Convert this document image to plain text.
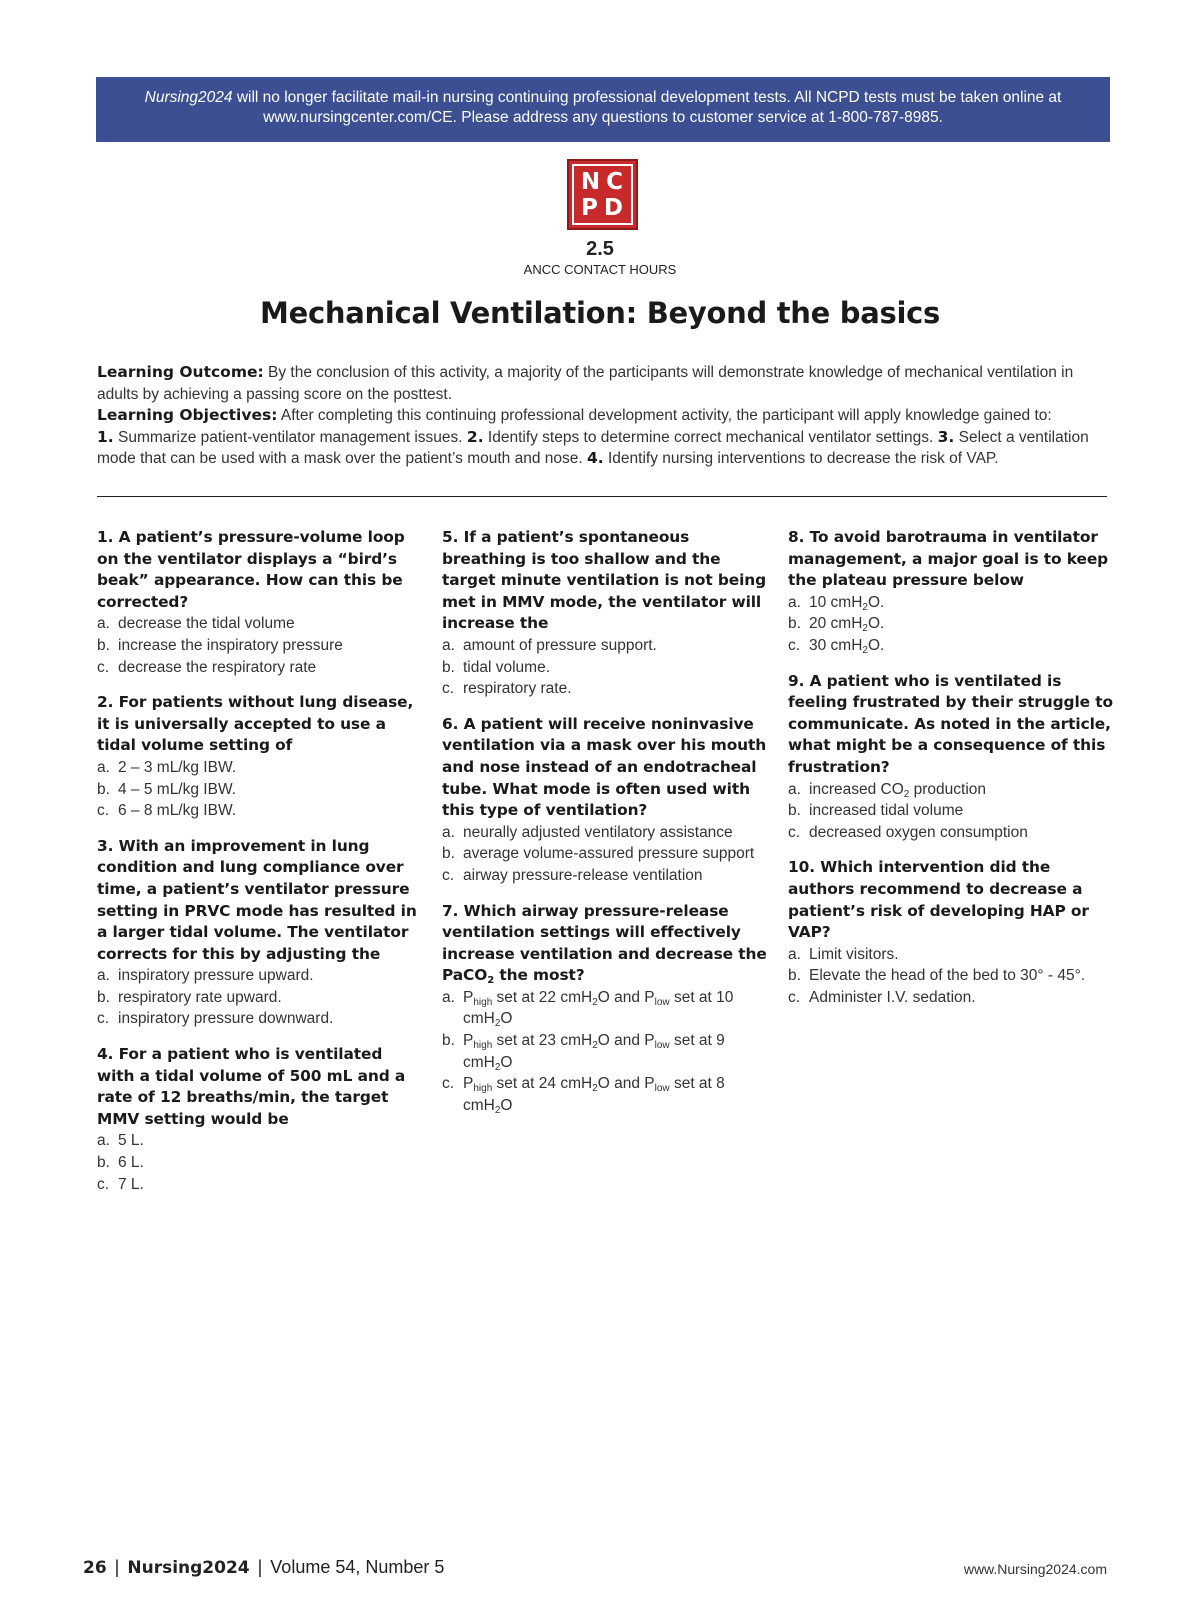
Nursing2024 will no longer facilitate mail-in nursing continuing professional development tests. All NCPD tests must be taken online at www.nursingcenter.com/CE. Please address any questions to customer service at 1-800-787-8985.
NC
PD
2.5
ANCC CONTACT HOURS
Mechanical Ventilation: Beyond the basics
Learning Outcome: By the conclusion of this activity, a majority of the participants will demonstrate knowledge of mechanical ventilation in adults by achieving a passing score on the posttest.
Learning Objectives: After completing this continuing professional development activity, the participant will apply knowledge gained to:
1. Summarize patient-ventilator management issues. 2. Identify steps to determine correct mechanical ventilator settings. 3. Select a ventilation mode that can be used with a mask over the patient’s mouth and nose. 4. Identify nursing interventions to decrease the risk of VAP.
1. A patient’s pressure-volume loop on the ventilator displays a “bird’s beak” appearance. How can this be corrected?
a. decrease the tidal volume
b. increase the inspiratory pressure
c. decrease the respiratory rate
2. For patients without lung disease, it is universally accepted to use a tidal volume setting of
a. 2 – 3 mL/kg IBW.
b. 4 – 5 mL/kg IBW.
c. 6 – 8 mL/kg IBW.
3. With an improvement in lung condition and lung compliance over time, a patient’s ventilator pressure setting in PRVC mode has resulted in a larger tidal volume. The ventilator corrects for this by adjusting the
a. inspiratory pressure upward.
b. respiratory rate upward.
c. inspiratory pressure downward.
4. For a patient who is ventilated with a tidal volume of 500 mL and a rate of 12 breaths/min, the target MMV setting would be
a. 5 L.
b. 6 L.
c. 7 L.
5. If a patient’s spontaneous breathing is too shallow and the target minute ventilation is not being met in MMV mode, the ventilator will increase the
a. amount of pressure support.
b. tidal volume.
c. respiratory rate.
6. A patient will receive noninvasive ventilation via a mask over his mouth and nose instead of an endotracheal tube. What mode is often used with this type of ventilation?
a. neurally adjusted ventilatory assistance
b. average volume-assured pressure support
c. airway pressure-release ventilation
7. Which airway pressure-release ventilation settings will effectively increase ventilation and decrease the PaCO$_2$ the most?
a. $P_{high}$ set at 22 cmH$_2$O and $P_{low}$ set at 10 cmH$_2$O
b. $P_{high}$ set at 23 cmH$_2$O and $P_{low}$ set at 9 cmH$_2$O
c. $P_{high}$ set at 24 cmH$_2$O and $P_{low}$ set at 8 cmH$_2$O
8. To avoid barotrauma in ventilator management, a major goal is to keep the plateau pressure below
a. 10 cmH$_2$O.
b. 20 cmH$_2$O.
c. 30 cmH$_2$O.
9. A patient who is ventilated is feeling frustrated by their struggle to communicate. As noted in the article, what might be a consequence of this frustration?
a. increased $CO_2$ production
b. increased tidal volume
c. decreased oxygen consumption
10. Which intervention did the authors recommend to decrease a patient’s risk of developing HAP or VAP?
a. Limit visitors.
b. Elevate the head of the bed to 30° - 45°.
c. Administer I.V. sedation.
26 | Nursing2024 | Volume 54, Number 5	www.Nursing2024.com
